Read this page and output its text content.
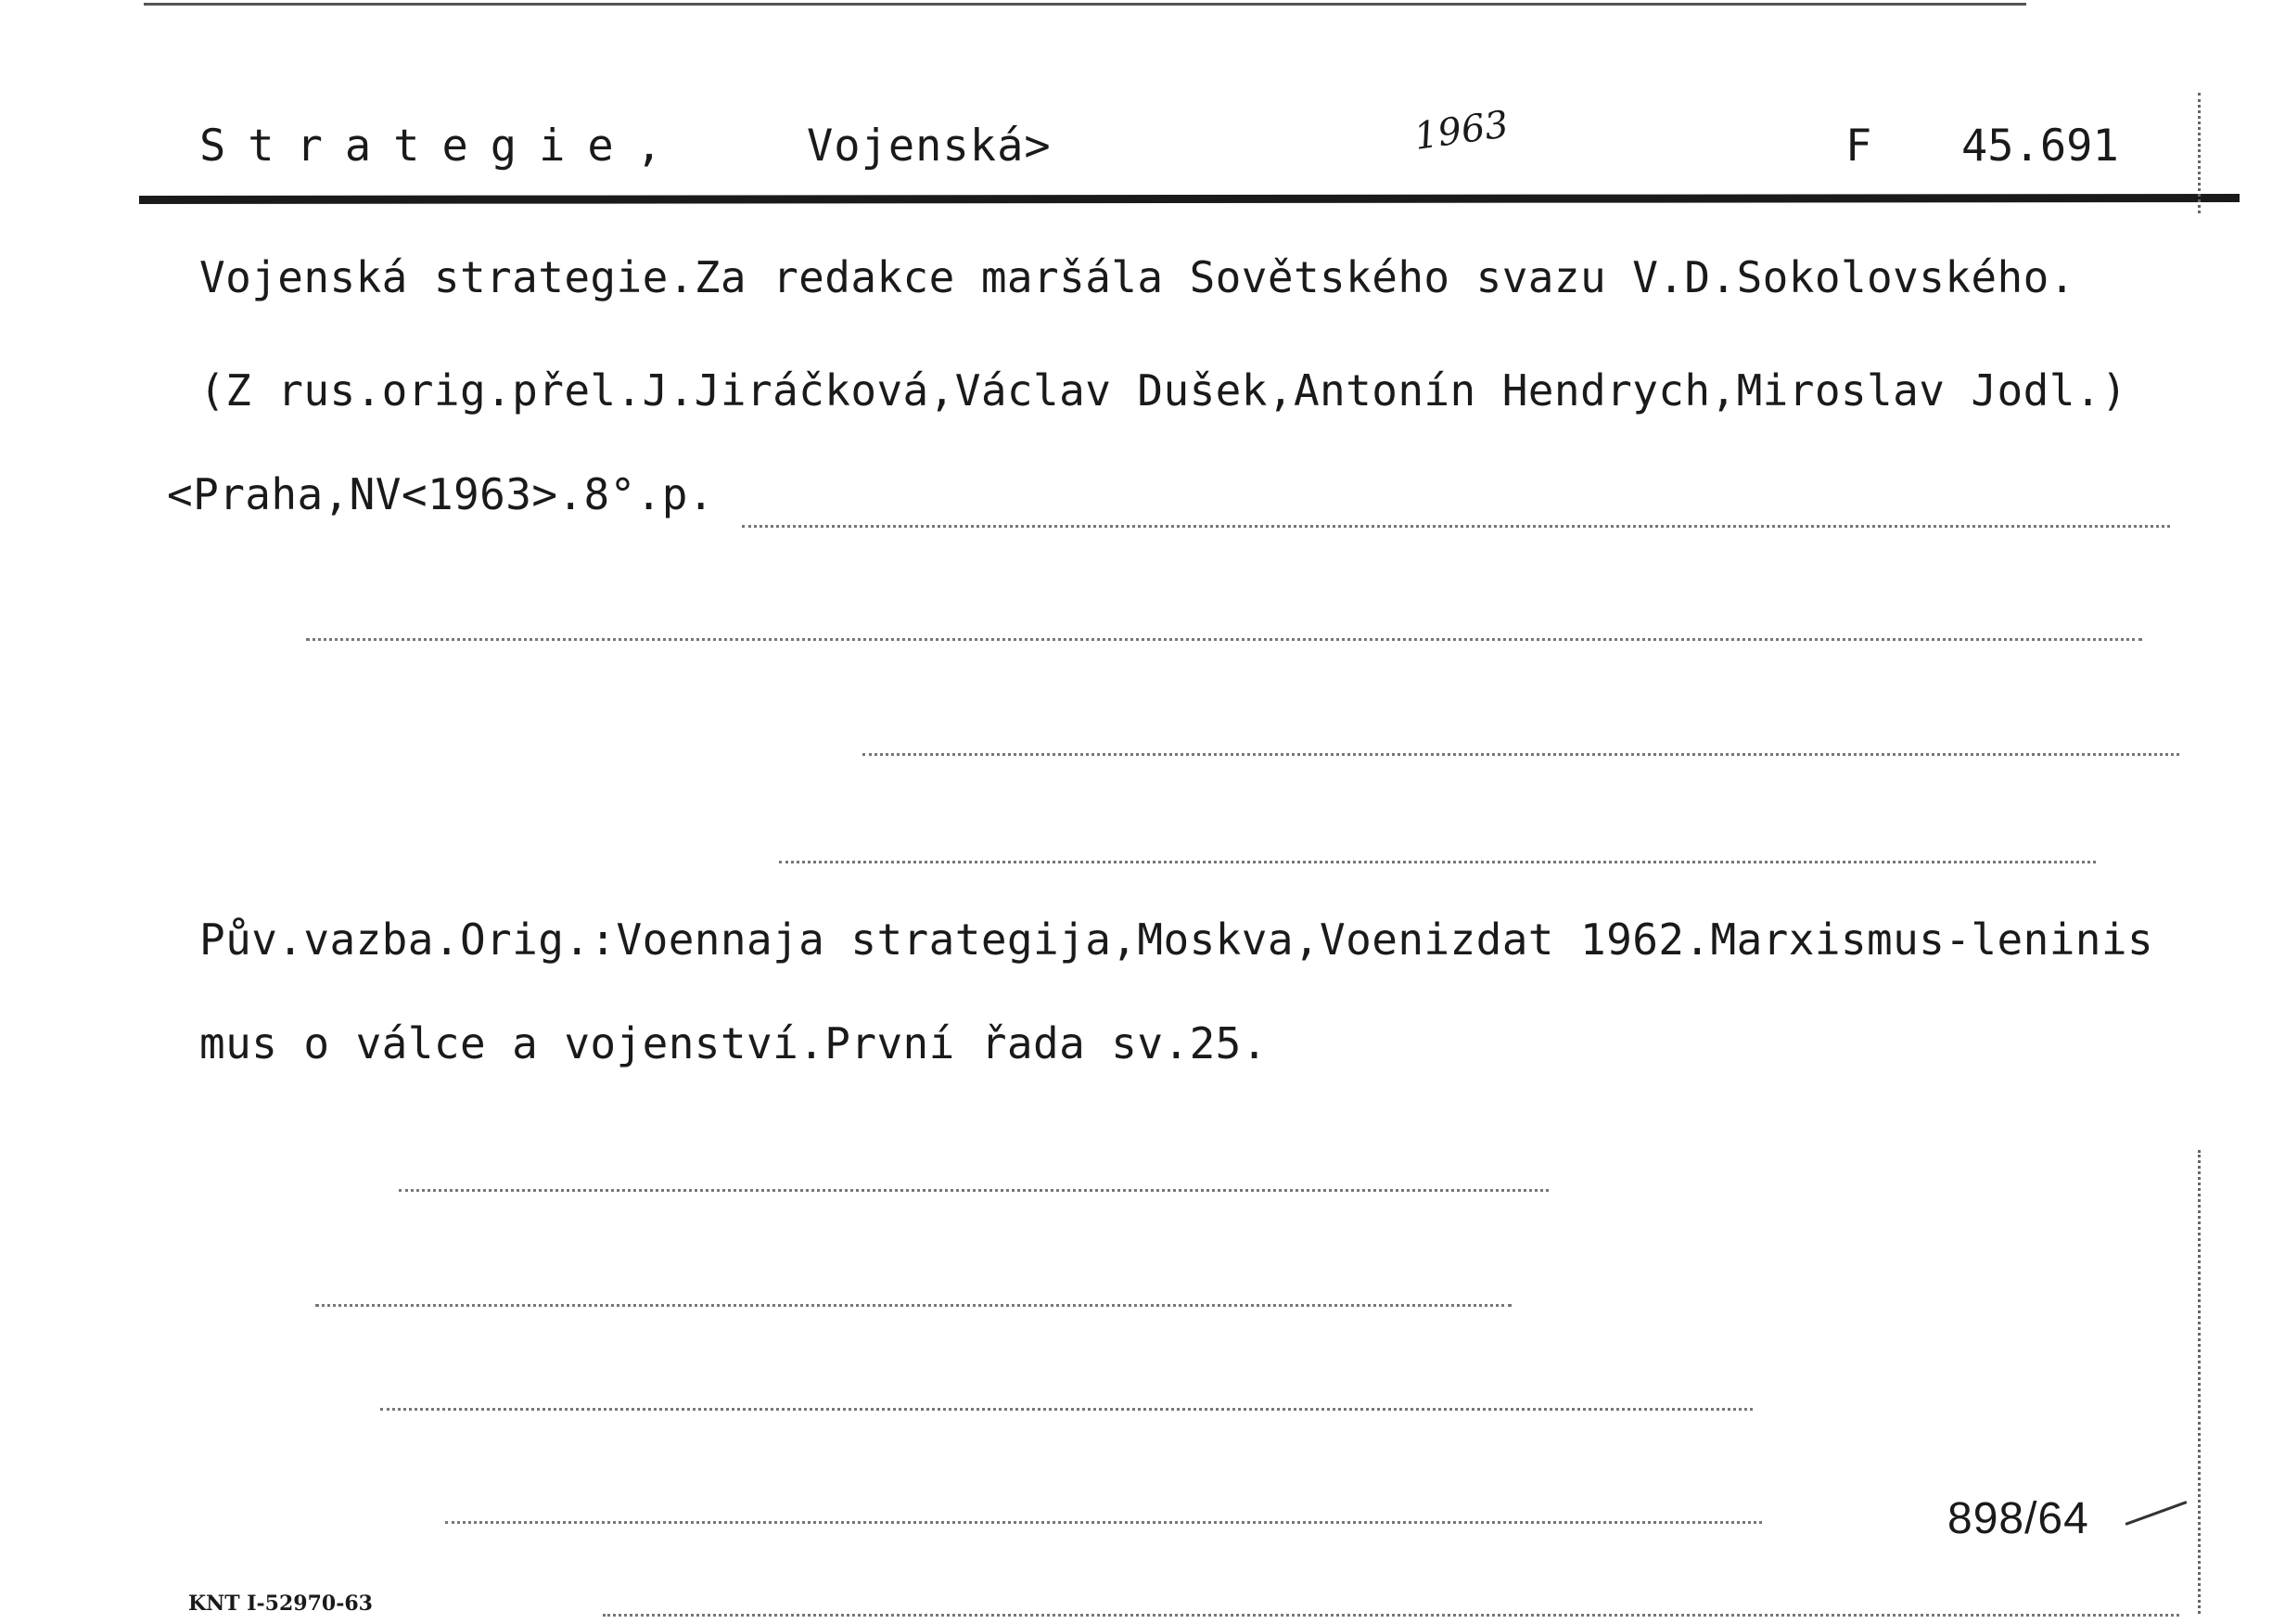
Strategie,	Vojenská>	1963	F 45.691
Vojenská strategie.Za redakce maršála Sovětského svazu V.D.Sokolovského.
(Z rus.orig.přel.J.Jiráčková,Václav Dušek,Antonín Hendrych,Miroslav Jodl.)
<Praha,NV<1963>.8°.p.
Pův.vazba.Orig.:Voennaja strategija,Moskva,Voenizdat 1962.Marxismus-leninis
mus o válce a vojenství.První řada sv.25.
898/64
KNT I-52970-63
